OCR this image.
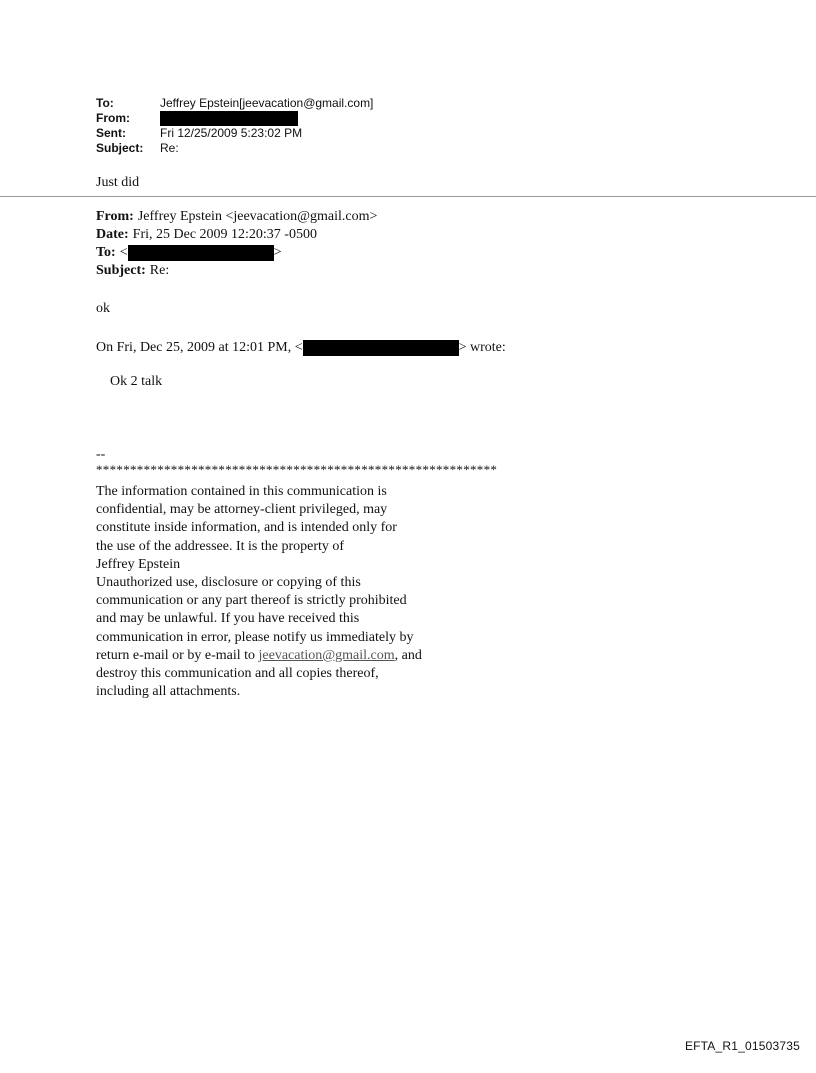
To:	Jeffrey Epstein[jeevacation@gmail.com]
From:
Sent:	Fri 12/25/2009 5:23:02 PM
Subject:	Re:
Just did
From: Jeffrey Epstein <jeevacation@gmail.com>
Date: Fri, 25 Dec 2009 12:20:37 -0500
To: <	>
Subject: Re:
ok
On Fri, Dec 25, 2009 at 12:01 PM, <	> wrote:
Ok 2 talk
--
***********************************************************
The information contained in this communication is
confidential, may be attorney-client privileged, may
constitute inside information, and is intended only for
the use of the addressee. It is the property of
Jeffrey Epstein
Unauthorized use, disclosure or copying of this
communication or any part thereof is strictly prohibited
and may be unlawful. If you have received this
communication in error, please notify us immediately by
return e-mail or by e-mail to jeevacation@gmail.com, and
destroy this communication and all copies thereof,
including all attachments.
EFTA_R1_01503735
